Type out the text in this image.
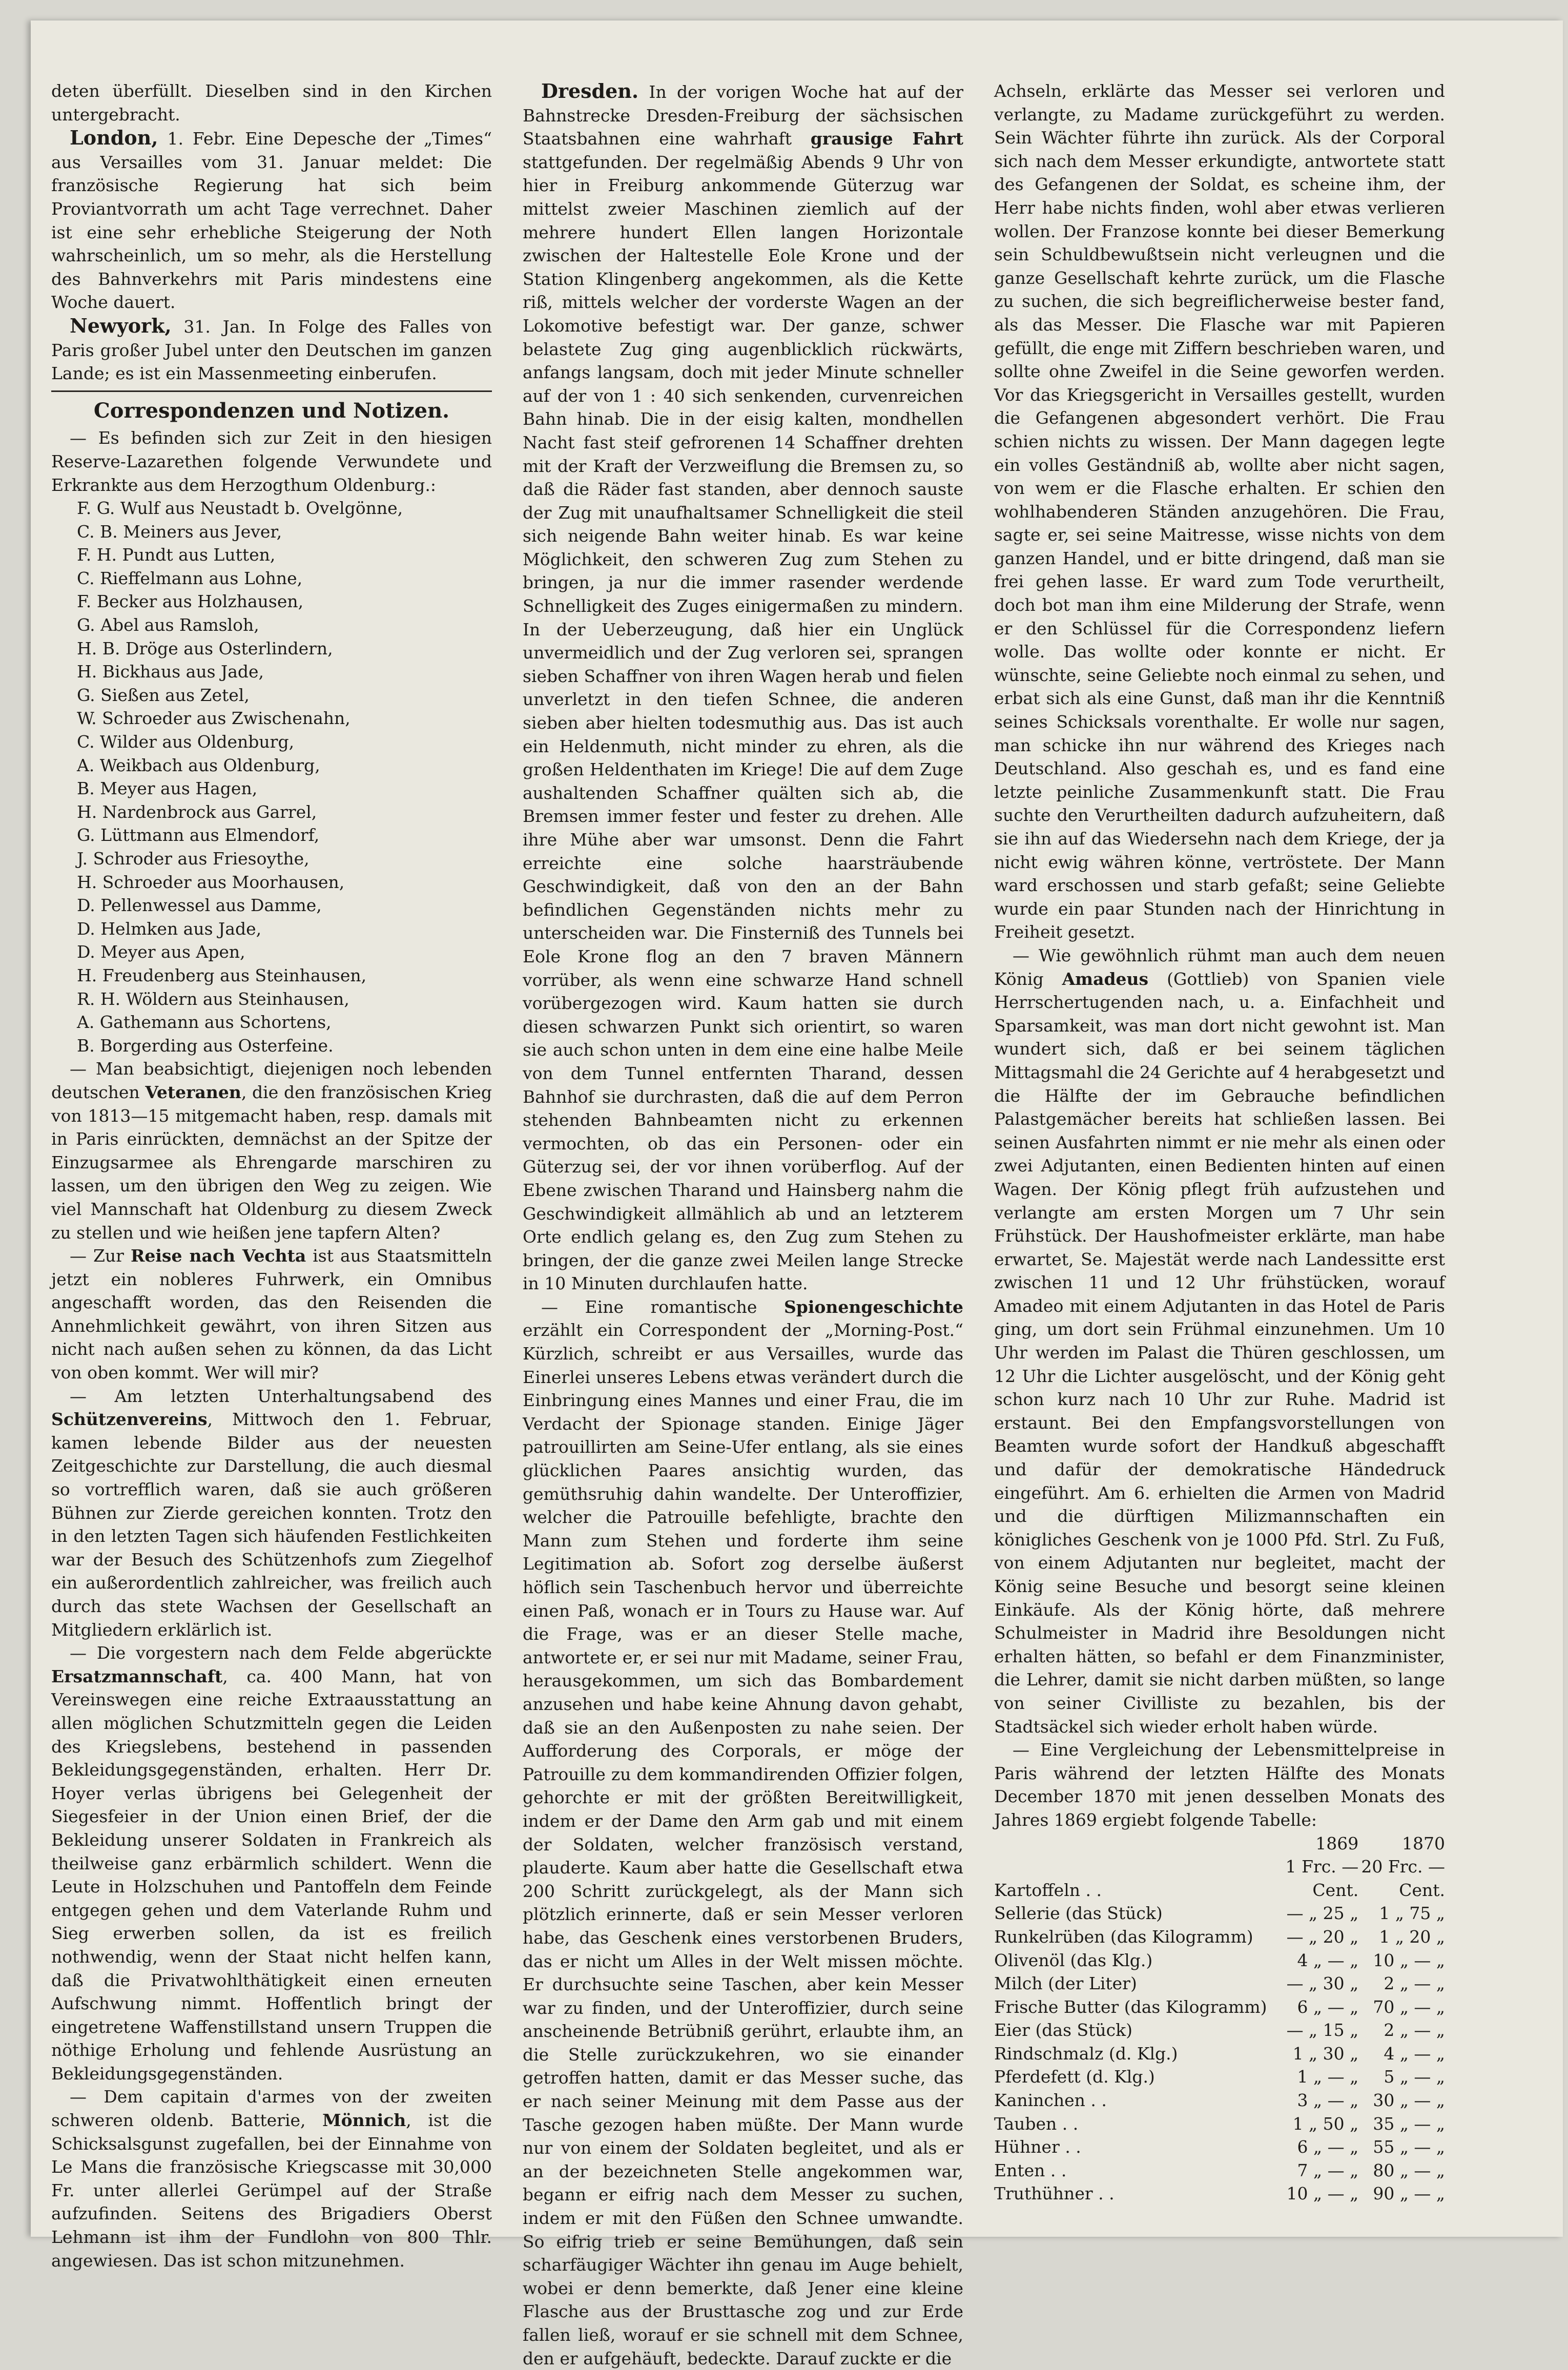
deten überfüllt. Dieselben sind in den Kirchen untergebracht.

London, 1. Febr. Eine Depesche der „Times“ aus Versailles vom 31. Januar meldet: Die französische Regierung hat sich beim Proviantvorrath um acht Tage verrechnet. Daher ist eine sehr erhebliche Steigerung der Noth wahrscheinlich, um so mehr, als die Herstellung des Bahnverkehrs mit Paris mindestens eine Woche dauert.

Newyork, 31. Jan. In Folge des Falles von Paris großer Jubel unter den Deutschen im ganzen Lande; es ist ein Massenmeeting einberufen.

Correspondenzen und Notizen.

— Es befinden sich zur Zeit in den hiesigen Reserve-Lazarethen folgende Verwundete und Erkrankte aus dem Herzogthum Oldenburg.:

F. G. Wulf aus Neustadt b. Ovelgönne,
C. B. Meiners aus Jever,
F. H. Pundt aus Lutten,
C. Rieffelmann aus Lohne,
F. Becker aus Holzhausen,
G. Abel aus Ramsloh,
H. B. Dröge aus Osterlindern,
H. Bickhaus aus Jade,
G. Sießen aus Zetel,
W. Schroeder aus Zwischenahn,
C. Wilder aus Oldenburg,
A. Weikbach aus Oldenburg,
B. Meyer aus Hagen,
H. Nardenbrock aus Garrel,
G. Lüttmann aus Elmendorf,
J. Schroder aus Friesoythe,
H. Schroeder aus Moorhausen,
D. Pellenwessel aus Damme,
D. Helmken aus Jade,
D. Meyer aus Apen,
H. Freudenberg aus Steinhausen,
R. H. Wöldern aus Steinhausen,
A. Gathemann aus Schortens,
B. Borgerding aus Osterfeine.

— Man beabsichtigt, diejenigen noch lebenden deutschen Veteranen, die den französischen Krieg von 1813—15 mitgemacht haben, resp. damals mit in Paris einrückten, demnächst an der Spitze der Einzugsarmee als Ehrengarde marschiren zu lassen, um den übrigen den Weg zu zeigen. Wie viel Mannschaft hat Oldenburg zu diesem Zweck zu stellen und wie heißen jene tapfern Alten?

— Zur Reise nach Vechta ist aus Staatsmitteln jetzt ein nobleres Fuhrwerk, ein Omnibus angeschafft worden, das den Reisenden die Annehmlichkeit gewährt, von ihren Sitzen aus nicht nach außen sehen zu können, da das Licht von oben kommt. Wer will mir?

— Am letzten Unterhaltungsabend des Schützenvereins, Mittwoch den 1. Februar, kamen lebende Bilder aus der neuesten Zeitgeschichte zur Darstellung, die auch diesmal so vortrefflich waren, daß sie auch größeren Bühnen zur Zierde gereichen konnten. Trotz den in den letzten Tagen sich häufenden Festlichkeiten war der Besuch des Schützenhofs zum Ziegelhof ein außerordentlich zahlreicher, was freilich auch durch das stete Wachsen der Gesellschaft an Mitgliedern erklärlich ist.

— Die vorgestern nach dem Felde abgerückte Ersatzmannschaft, ca. 400 Mann, hat von Vereinswegen eine reiche Extraausstattung an allen möglichen Schutzmitteln gegen die Leiden des Kriegslebens, bestehend in passenden Bekleidungsgegenständen, erhalten. Herr Dr. Hoyer verlas übrigens bei Gelegenheit der Siegesfeier in der Union einen Brief, der die Bekleidung unserer Soldaten in Frankreich als theilweise ganz erbärmlich schildert. Wenn die Leute in Holzschuhen und Pantoffeln dem Feinde entgegen gehen und dem Vaterlande Ruhm und Sieg erwerben sollen, da ist es freilich nothwendig, wenn der Staat nicht helfen kann, daß die Privatwohlthätigkeit einen erneuten Aufschwung nimmt. Hoffentlich bringt der eingetretene Waffenstillstand unsern Truppen die nöthige Erholung und fehlende Ausrüstung an Bekleidungsgegenständen.

— Dem capitain d'armes von der zweiten schweren oldenb. Batterie, Mönnich, ist die Schicksalsgunst zugefallen, bei der Einnahme von Le Mans die französische Kriegscasse mit 30,000 Fr. unter allerlei Gerümpel auf der Straße aufzufinden. Seitens des Brigadiers Oberst Lehmann ist ihm der Fundlohn von 800 Thlr. angewiesen. Das ist schon mitzunehmen.

Dresden. In der vorigen Woche hat auf der Bahnstrecke Dresden-Freiburg der sächsischen Staatsbahnen eine wahrhaft grausige Fahrt stattgefunden. Der regelmäßig Abends 9 Uhr von hier in Freiburg ankommende Güterzug war mittelst zweier Maschinen ziemlich auf der mehrere hundert Ellen langen Horizontale zwischen der Haltestelle Eole Krone und der Station Klingenberg angekommen, als die Kette riß, mittels welcher der vorderste Wagen an der Lokomotive befestigt war. Der ganze, schwer belastete Zug ging augenblicklich rückwärts, anfangs langsam, doch mit jeder Minute schneller auf der von 1 : 40 sich senkenden, curvenreichen Bahn hinab. Die in der eisig kalten, mondhellen Nacht fast steif gefrorenen 14 Schaffner drehten mit der Kraft der Verzweiflung die Bremsen zu, so daß die Räder fast standen, aber dennoch sauste der Zug mit unaufhaltsamer Schnelligkeit die steil sich neigende Bahn weiter hinab. Es war keine Möglichkeit, den schweren Zug zum Stehen zu bringen, ja nur die immer rasender werdende Schnelligkeit des Zuges einigermaßen zu mindern. In der Ueberzeugung, daß hier ein Unglück unvermeidlich und der Zug verloren sei, sprangen sieben Schaffner von ihren Wagen herab und fielen unverletzt in den tiefen Schnee, die anderen sieben aber hielten todesmuthig aus. Das ist auch ein Heldenmuth, nicht minder zu ehren, als die großen Heldenthaten im Kriege! Die auf dem Zuge aushaltenden Schaffner quälten sich ab, die Bremsen immer fester und fester zu drehen. Alle ihre Mühe aber war umsonst. Denn die Fahrt erreichte eine solche haarsträubende Geschwindigkeit, daß von den an der Bahn befindlichen Gegenständen nichts mehr zu unterscheiden war. Die Finsterniß des Tunnels bei Eole Krone flog an den 7 braven Männern vorrüber, als wenn eine schwarze Hand schnell vorübergezogen wird. Kaum hatten sie durch diesen schwarzen Punkt sich orientirt, so waren sie auch schon unten in dem eine eine halbe Meile von dem Tunnel entfernten Tharand, dessen Bahnhof sie durchrasten, daß die auf dem Perron stehenden Bahnbeamten nicht zu erkennen vermochten, ob das ein Personen- oder ein Güterzug sei, der vor ihnen vorüberflog. Auf der Ebene zwischen Tharand und Hainsberg nahm die Geschwindigkeit allmählich ab und an letzterem Orte endlich gelang es, den Zug zum Stehen zu bringen, der die ganze zwei Meilen lange Strecke in 10 Minuten durchlaufen hatte.

— Eine romantische Spionengeschichte erzählt ein Correspondent der „Morning-Post.“ Kürzlich, schreibt er aus Versailles, wurde das Einerlei unseres Lebens etwas verändert durch die Einbringung eines Mannes und einer Frau, die im Verdacht der Spionage standen. Einige Jäger patrouillirten am Seine-Ufer entlang, als sie eines glücklichen Paares ansichtig wurden, das gemüthsruhig dahin wandelte. Der Unteroffizier, welcher die Patrouille befehligte, brachte den Mann zum Stehen und forderte ihm seine Legitimation ab. Sofort zog derselbe äußerst höflich sein Taschenbuch hervor und überreichte einen Paß, wonach er in Tours zu Hause war. Auf die Frage, was er an dieser Stelle mache, antwortete er, er sei nur mit Madame, seiner Frau, herausgekommen, um sich das Bombardement anzusehen und habe keine Ahnung davon gehabt, daß sie an den Außenposten zu nahe seien. Der Aufforderung des Corporals, er möge der Patrouille zu dem kommandirenden Offizier folgen, gehorchte er mit der größten Bereitwilligkeit, indem er der Dame den Arm gab und mit einem der Soldaten, welcher französisch verstand, plauderte. Kaum aber hatte die Gesellschaft etwa 200 Schritt zurückgelegt, als der Mann sich plötzlich erinnerte, daß er sein Messer verloren habe, das Geschenk eines verstorbenen Bruders, das er nicht um Alles in der Welt missen möchte. Er durchsuchte seine Taschen, aber kein Messer war zu finden, und der Unteroffizier, durch seine anscheinende Betrübniß gerührt, erlaubte ihm, an die Stelle zurückzukehren, wo sie einander getroffen hatten, damit er das Messer suche, das er nach seiner Meinung mit dem Passe aus der Tasche gezogen haben müßte. Der Mann wurde nur von einem der Soldaten begleitet, und als er an der bezeichneten Stelle angekommen war, begann er eifrig nach dem Messer zu suchen, indem er mit den Füßen den Schnee umwandte. So eifrig trieb er seine Bemühungen, daß sein scharfäugiger Wächter ihn genau im Auge behielt, wobei er denn bemerkte, daß Jener eine kleine Flasche aus der Brusttasche zog und zur Erde fallen ließ, worauf er sie schnell mit dem Schnee, den er aufgehäuft, bedeckte. Darauf zuckte er die

Achseln, erklärte das Messer sei verloren und verlangte, zu Madame zurückgeführt zu werden. Sein Wächter führte ihn zurück. Als der Corporal sich nach dem Messer erkundigte, antwortete statt des Gefangenen der Soldat, es scheine ihm, der Herr habe nichts finden, wohl aber etwas verlieren wollen. Der Franzose konnte bei dieser Bemerkung sein Schuldbewußtsein nicht verleugnen und die ganze Gesellschaft kehrte zurück, um die Flasche zu suchen, die sich begreiflicherweise bester fand, als das Messer. Die Flasche war mit Papieren gefüllt, die enge mit Ziffern beschrieben waren, und sollte ohne Zweifel in die Seine geworfen werden. Vor das Kriegsgericht in Versailles gestellt, wurden die Gefangenen abgesondert verhört. Die Frau schien nichts zu wissen. Der Mann dagegen legte ein volles Geständniß ab, wollte aber nicht sagen, von wem er die Flasche erhalten. Er schien den wohlhabenderen Ständen anzugehören. Die Frau, sagte er, sei seine Maitresse, wisse nichts von dem ganzen Handel, und er bitte dringend, daß man sie frei gehen lasse. Er ward zum Tode verurtheilt, doch bot man ihm eine Milderung der Strafe, wenn er den Schlüssel für die Correspondenz liefern wolle. Das wollte oder konnte er nicht. Er wünschte, seine Geliebte noch einmal zu sehen, und erbat sich als eine Gunst, daß man ihr die Kenntniß seines Schicksals vorenthalte. Er wolle nur sagen, man schicke ihn nur während des Krieges nach Deutschland. Also geschah es, und es fand eine letzte peinliche Zusammenkunft statt. Die Frau suchte den Verurtheilten dadurch aufzuheitern, daß sie ihn auf das Wiedersehn nach dem Kriege, der ja nicht ewig währen könne, vertröstete. Der Mann ward erschossen und starb gefaßt; seine Geliebte wurde ein paar Stunden nach der Hinrichtung in Freiheit gesetzt.

— Wie gewöhnlich rühmt man auch dem neuen König Amadeus (Gottlieb) von Spanien viele Herrschertugenden nach, u. a. Einfachheit und Sparsamkeit, was man dort nicht gewohnt ist. Man wundert sich, daß er bei seinem täglichen Mittagsmahl die 24 Gerichte auf 4 herabgesetzt und die Hälfte der im Gebrauche befindlichen Palastgemächer bereits hat schließen lassen. Bei seinen Ausfahrten nimmt er nie mehr als einen oder zwei Adjutanten, einen Bedienten hinten auf einen Wagen. Der König pflegt früh aufzustehen und verlangte am ersten Morgen um 7 Uhr sein Frühstück. Der Haushofmeister erklärte, man habe erwartet, Se. Majestät werde nach Landessitte erst zwischen 11 und 12 Uhr frühstücken, worauf Amadeo mit einem Adjutanten in das Hotel de Paris ging, um dort sein Frühmal einzunehmen. Um 10 Uhr werden im Palast die Thüren geschlossen, um 12 Uhr die Lichter ausgelöscht, und der König geht schon kurz nach 10 Uhr zur Ruhe. Madrid ist erstaunt. Bei den Empfangsvorstellungen von Beamten wurde sofort der Handkuß abgeschafft und dafür der demokratische Händedruck eingeführt. Am 6. erhielten die Armen von Madrid und die dürftigen Milizmannschaften ein königliches Geschenk von je 1000 Pfd. Strl. Zu Fuß, von einem Adjutanten nur begleitet, macht der König seine Besuche und besorgt seine kleinen Einkäufe. Als der König hörte, daß mehrere Schulmeister in Madrid ihre Besoldungen nicht erhalten hätten, so befahl er dem Finanzminister, die Lehrer, damit sie nicht darben müßten, so lange von seiner Civilliste zu bezahlen, bis der Stadtsäckel sich wieder erholt haben würde.

— Eine Vergleichung der Lebensmittelpreise in Paris während der letzten Hälfte des Monats December 1870 mit jenen desselben Monats des Jahres 1869 ergiebt folgende Tabelle:

	1869	1870
Kartoffeln . .	1 Frc. — Cent.	20 Frc. — Cent.
Sellerie (das Stück)	— „ 25 „	1 „ 75 „
Runkelrüben (das Kilogramm)	— „ 20 „	1 „ 20 „
Olivenöl (das Klg.)	4 „ — „	10 „ — „
Milch (der Liter)	— „ 30 „	2 „ — „
Frische Butter (das Kilogramm)	6 „ — „	70 „ — „
Eier (das Stück)	— „ 15 „	2 „ — „
Rindschmalz (d. Klg.)	1 „ 30 „	4 „ — „
Pferdefett (d. Klg.)	1 „ — „	5 „ — „
Kaninchen . .	3 „ — „	30 „ — „
Tauben . .	1 „ 50 „	35 „ — „
Hühner . .	6 „ — „	55 „ — „
Enten . .	7 „ — „	80 „ — „
Truthühner . .	10 „ — „	90 „ — „
